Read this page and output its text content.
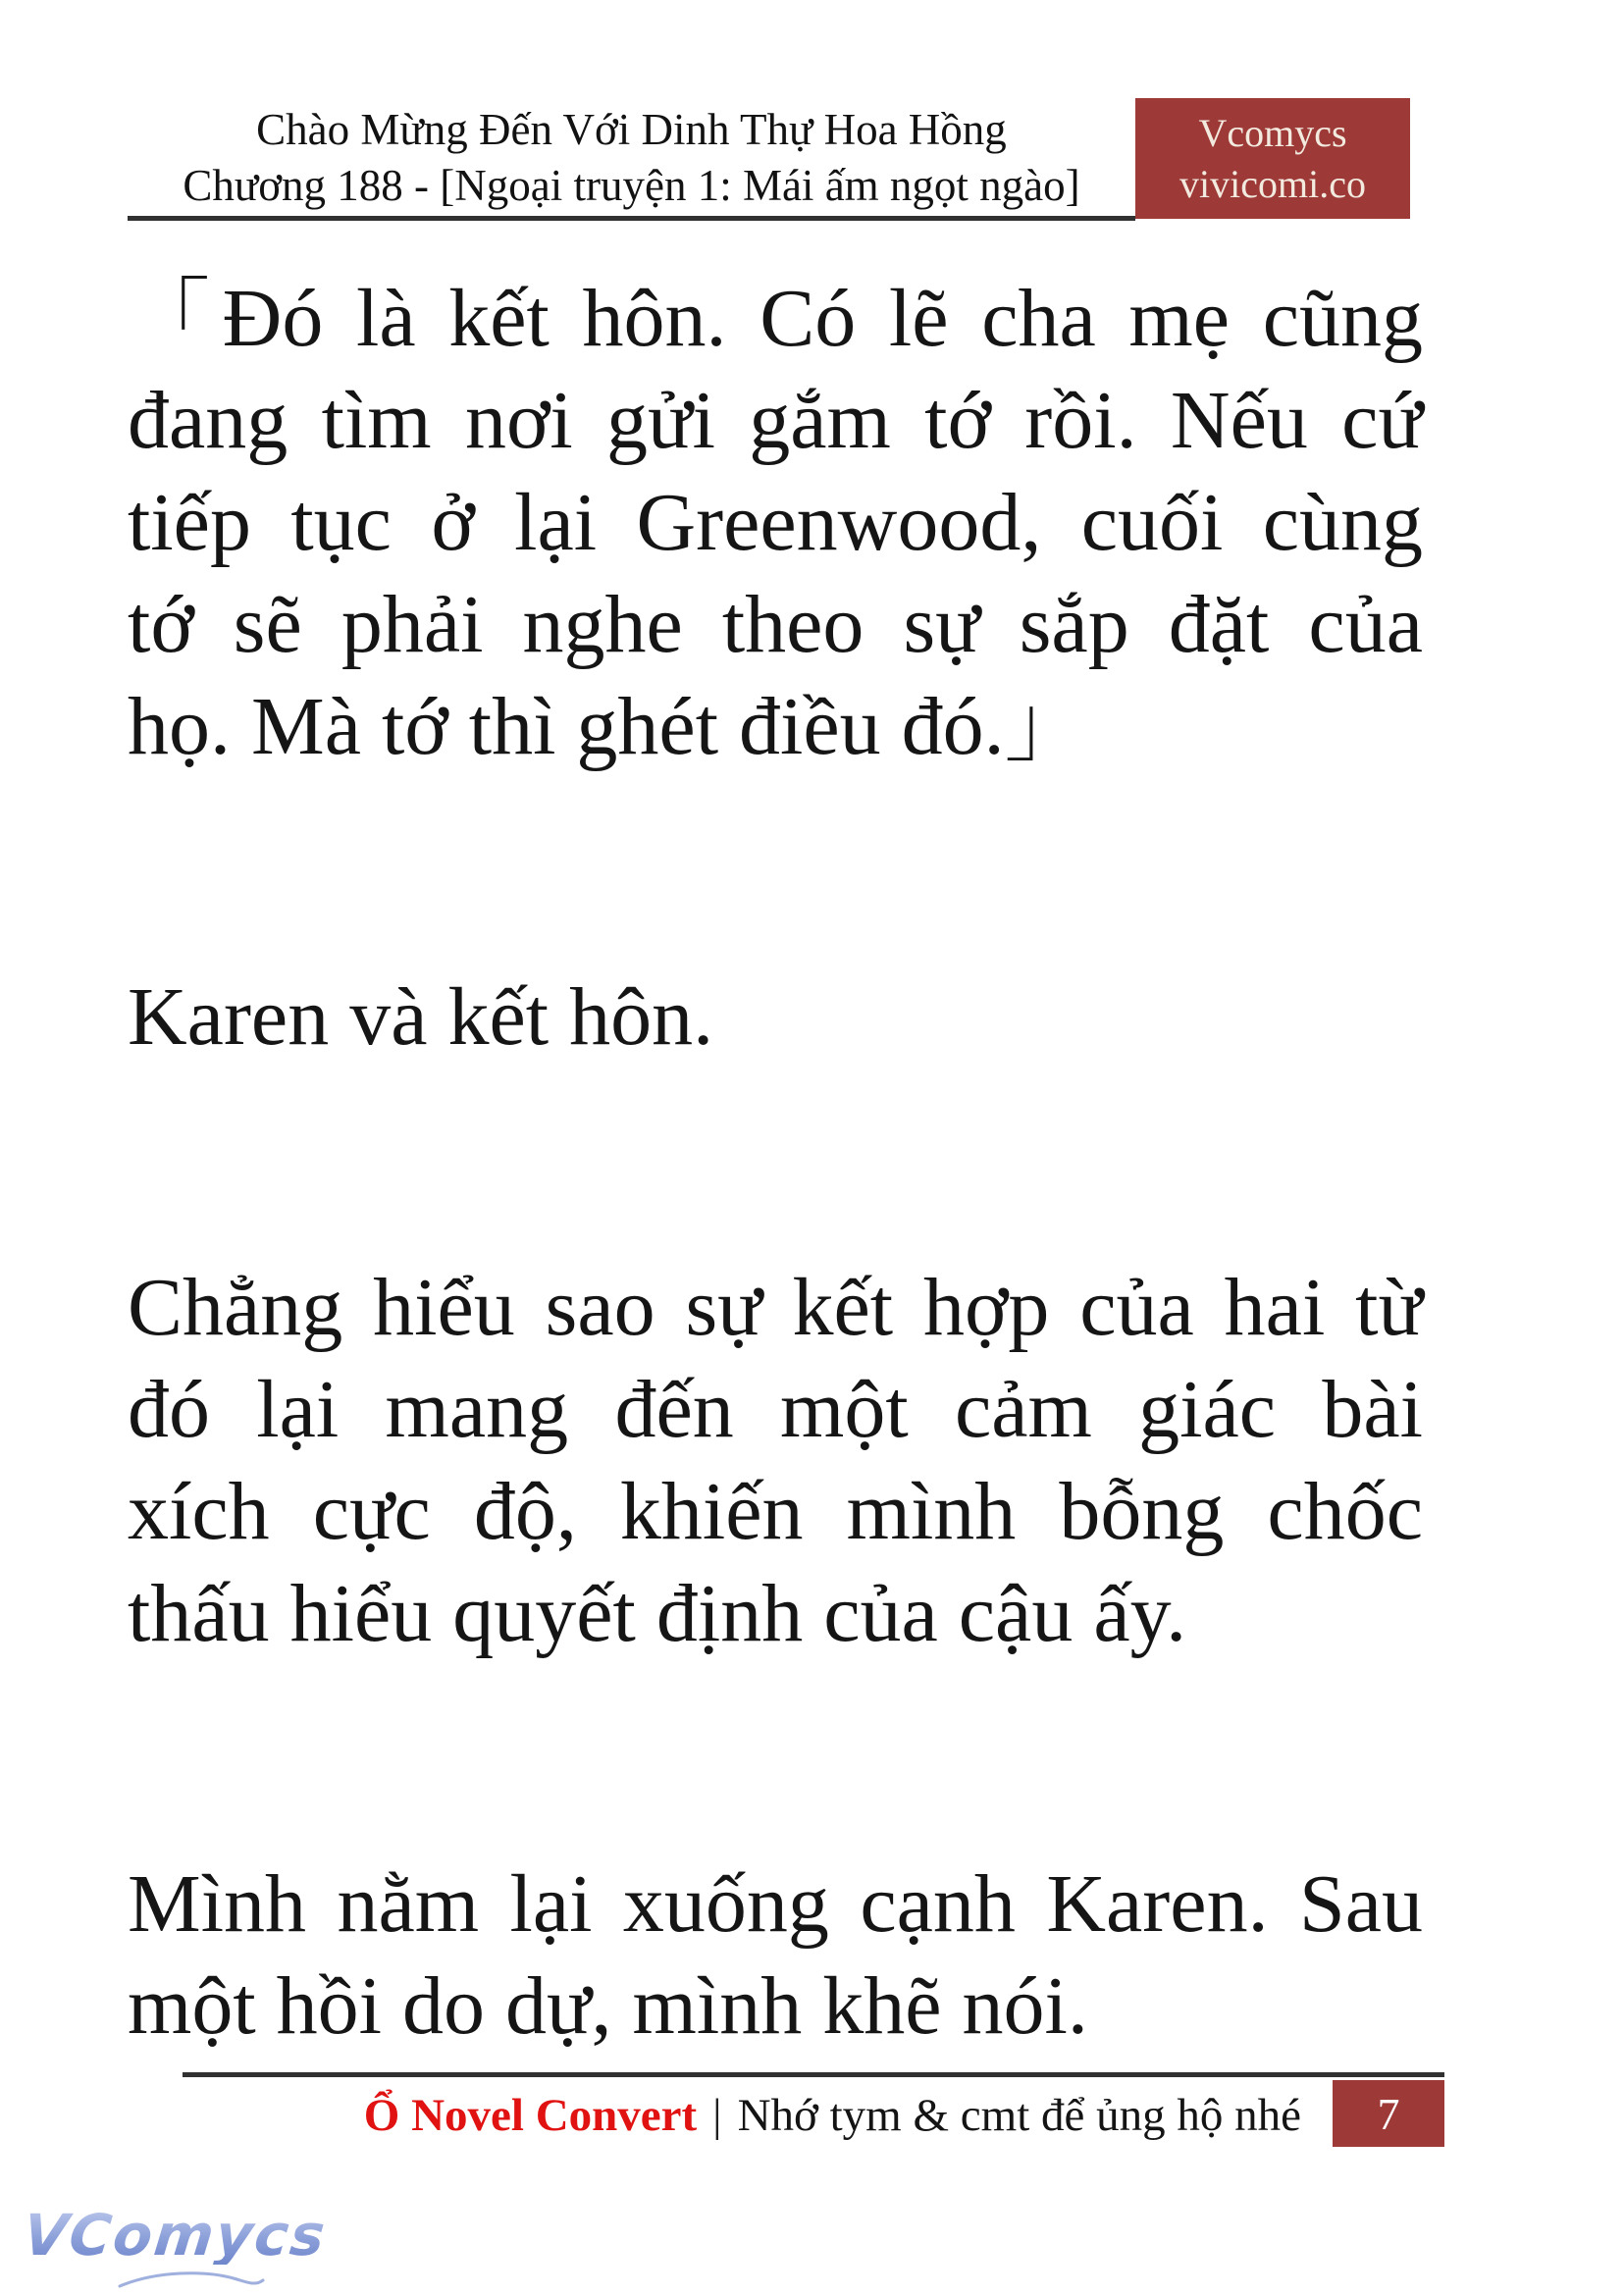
Chào Mừng Đến Với Dinh Thự Hoa Hồng
Chương 188 - [Ngoại truyện 1: Mái ấm ngọt ngào]
Vcomycs
vivicomi.co
「Đó là kết hôn. Có lẽ cha mẹ cũng
đang tìm nơi gửi gắm tớ rồi. Nếu cứ
tiếp tục ở lại Greenwood, cuối cùng
tớ sẽ phải nghe theo sự sắp đặt của
họ. Mà tớ thì ghét điều đó.」
Karen và kết hôn.
Chẳng hiểu sao sự kết hợp của hai từ
đó lại mang đến một cảm giác bài
xích cực độ, khiến mình bỗng chốc
thấu hiểu quyết định của cậu ấy.
Mình nằm lại xuống cạnh Karen. Sau
một hồi do dự, mình khẽ nói.
Ổ Novel Convert | Nhớ tym & cmt để ủng hộ nhé	7
VComycs
